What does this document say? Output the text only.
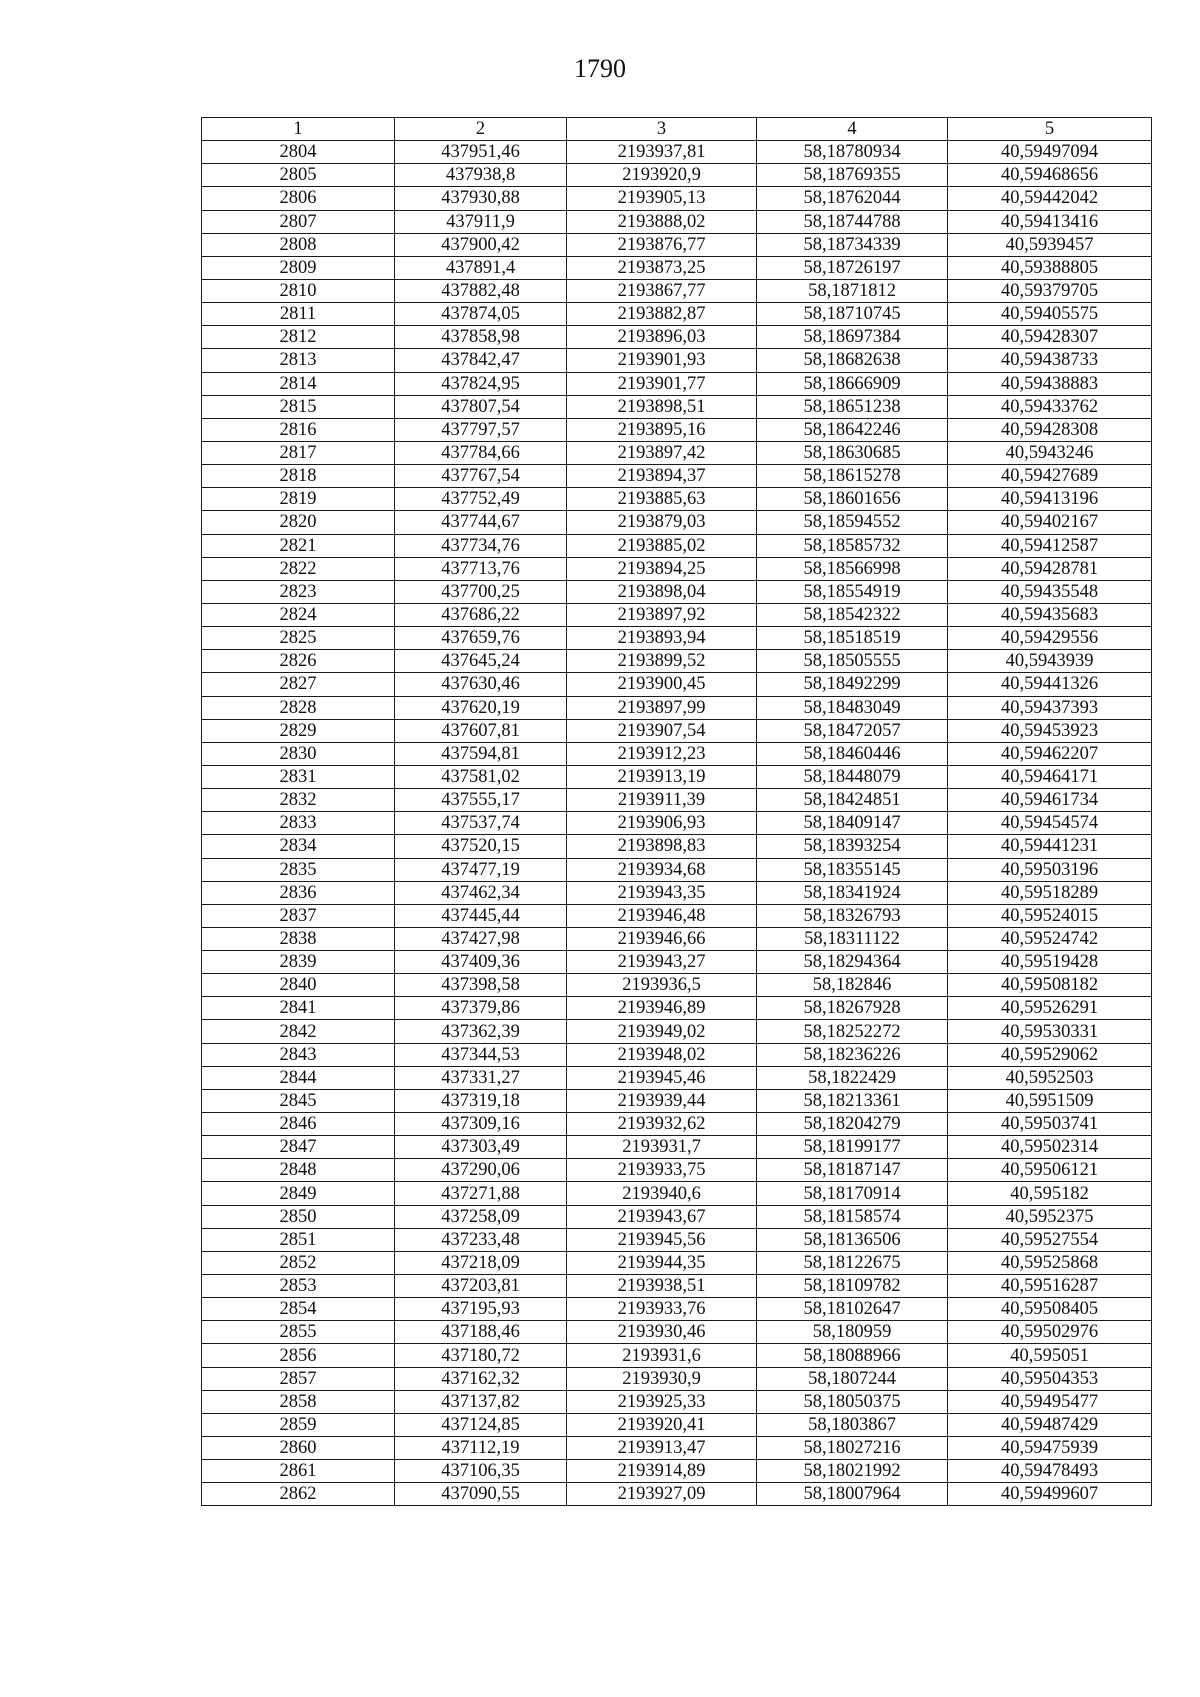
1790
1	2	3	4	5
2804	437951,46	2193937,81	58,18780934	40,59497094
2805	437938,8	2193920,9	58,18769355	40,59468656
2806	437930,88	2193905,13	58,18762044	40,59442042
2807	437911,9	2193888,02	58,18744788	40,59413416
2808	437900,42	2193876,77	58,18734339	40,5939457
2809	437891,4	2193873,25	58,18726197	40,59388805
2810	437882,48	2193867,77	58,1871812	40,59379705
2811	437874,05	2193882,87	58,18710745	40,59405575
2812	437858,98	2193896,03	58,18697384	40,59428307
2813	437842,47	2193901,93	58,18682638	40,59438733
2814	437824,95	2193901,77	58,18666909	40,59438883
2815	437807,54	2193898,51	58,18651238	40,59433762
2816	437797,57	2193895,16	58,18642246	40,59428308
2817	437784,66	2193897,42	58,18630685	40,5943246
2818	437767,54	2193894,37	58,18615278	40,59427689
2819	437752,49	2193885,63	58,18601656	40,59413196
2820	437744,67	2193879,03	58,18594552	40,59402167
2821	437734,76	2193885,02	58,18585732	40,59412587
2822	437713,76	2193894,25	58,18566998	40,59428781
2823	437700,25	2193898,04	58,18554919	40,59435548
2824	437686,22	2193897,92	58,18542322	40,59435683
2825	437659,76	2193893,94	58,18518519	40,59429556
2826	437645,24	2193899,52	58,18505555	40,5943939
2827	437630,46	2193900,45	58,18492299	40,59441326
2828	437620,19	2193897,99	58,18483049	40,59437393
2829	437607,81	2193907,54	58,18472057	40,59453923
2830	437594,81	2193912,23	58,18460446	40,59462207
2831	437581,02	2193913,19	58,18448079	40,59464171
2832	437555,17	2193911,39	58,18424851	40,59461734
2833	437537,74	2193906,93	58,18409147	40,59454574
2834	437520,15	2193898,83	58,18393254	40,59441231
2835	437477,19	2193934,68	58,18355145	40,59503196
2836	437462,34	2193943,35	58,18341924	40,59518289
2837	437445,44	2193946,48	58,18326793	40,59524015
2838	437427,98	2193946,66	58,18311122	40,59524742
2839	437409,36	2193943,27	58,18294364	40,59519428
2840	437398,58	2193936,5	58,182846	40,59508182
2841	437379,86	2193946,89	58,18267928	40,59526291
2842	437362,39	2193949,02	58,18252272	40,59530331
2843	437344,53	2193948,02	58,18236226	40,59529062
2844	437331,27	2193945,46	58,1822429	40,5952503
2845	437319,18	2193939,44	58,18213361	40,5951509
2846	437309,16	2193932,62	58,18204279	40,59503741
2847	437303,49	2193931,7	58,18199177	40,59502314
2848	437290,06	2193933,75	58,18187147	40,59506121
2849	437271,88	2193940,6	58,18170914	40,595182
2850	437258,09	2193943,67	58,18158574	40,5952375
2851	437233,48	2193945,56	58,18136506	40,59527554
2852	437218,09	2193944,35	58,18122675	40,59525868
2853	437203,81	2193938,51	58,18109782	40,59516287
2854	437195,93	2193933,76	58,18102647	40,59508405
2855	437188,46	2193930,46	58,180959	40,59502976
2856	437180,72	2193931,6	58,18088966	40,595051
2857	437162,32	2193930,9	58,1807244	40,59504353
2858	437137,82	2193925,33	58,18050375	40,59495477
2859	437124,85	2193920,41	58,1803867	40,59487429
2860	437112,19	2193913,47	58,18027216	40,59475939
2861	437106,35	2193914,89	58,18021992	40,59478493
2862	437090,55	2193927,09	58,18007964	40,59499607
